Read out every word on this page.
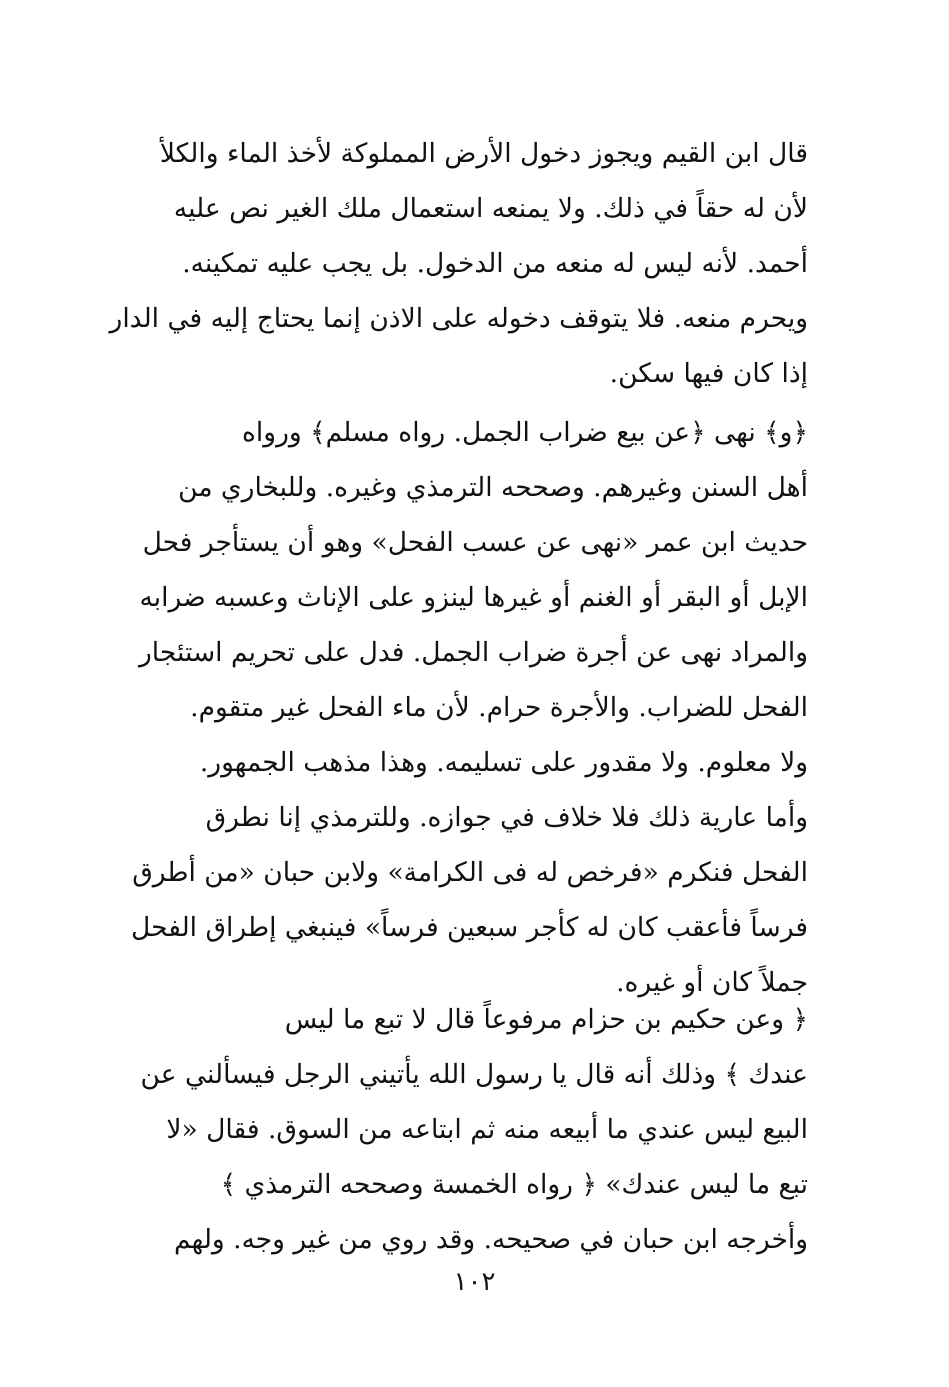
قال ابن القيم ويجوز دخول الأرض المملوكة لأخذ الماء والكلأ
لأن له حقاً في ذلك. ولا يمنعه استعمال ملك الغير نص عليه
أحمد. لأنه ليس له منعه من الدخول. بل يجب عليه تمكينه.
ويحرم منعه. فلا يتوقف دخوله على الاذن إنما يحتاج إليه في الدار
إذا كان فيها سكن.
﴿و﴾ نهى ﴿عن بيع ضراب الجمل. رواه مسلم﴾ ورواه
أهل السنن وغيرهم. وصححه الترمذي وغيره. وللبخاري من
حديث ابن عمر «نهى عن عسب الفحل» وهو أن يستأجر فحل
الإبل أو البقر أو الغنم أو غيرها لينزو على الإناث وعسبه ضرابه
والمراد نهى عن أجرة ضراب الجمل. فدل على تحريم استئجار
الفحل للضراب. والأجرة حرام. لأن ماء الفحل غير متقوم.
ولا معلوم. ولا مقدور على تسليمه. وهذا مذهب الجمهور.
وأما عارية ذلك فلا خلاف في جوازه. وللترمذي إنا نطرق
الفحل فنكرم «فرخص له فى الكرامة» ولابن حبان «من أطرق
فرساً فأعقب كان له كأجر سبعين فرساً» فينبغي إطراق الفحل
جملاً كان أو غيره.
﴿ وعن حكيم بن حزام مرفوعاً قال لا تبع ما ليس
عندك ﴾ وذلك أنه قال يا رسول الله يأتيني الرجل فيسألني عن
البيع ليس عندي ما أبيعه منه ثم ابتاعه من السوق. فقال «لا
تبع ما ليس عندك» ﴿ رواه الخمسة وصححه الترمذي ﴾
وأخرجه ابن حبان في صحيحه. وقد روي من غير وجه. ولهم
١٠٢
